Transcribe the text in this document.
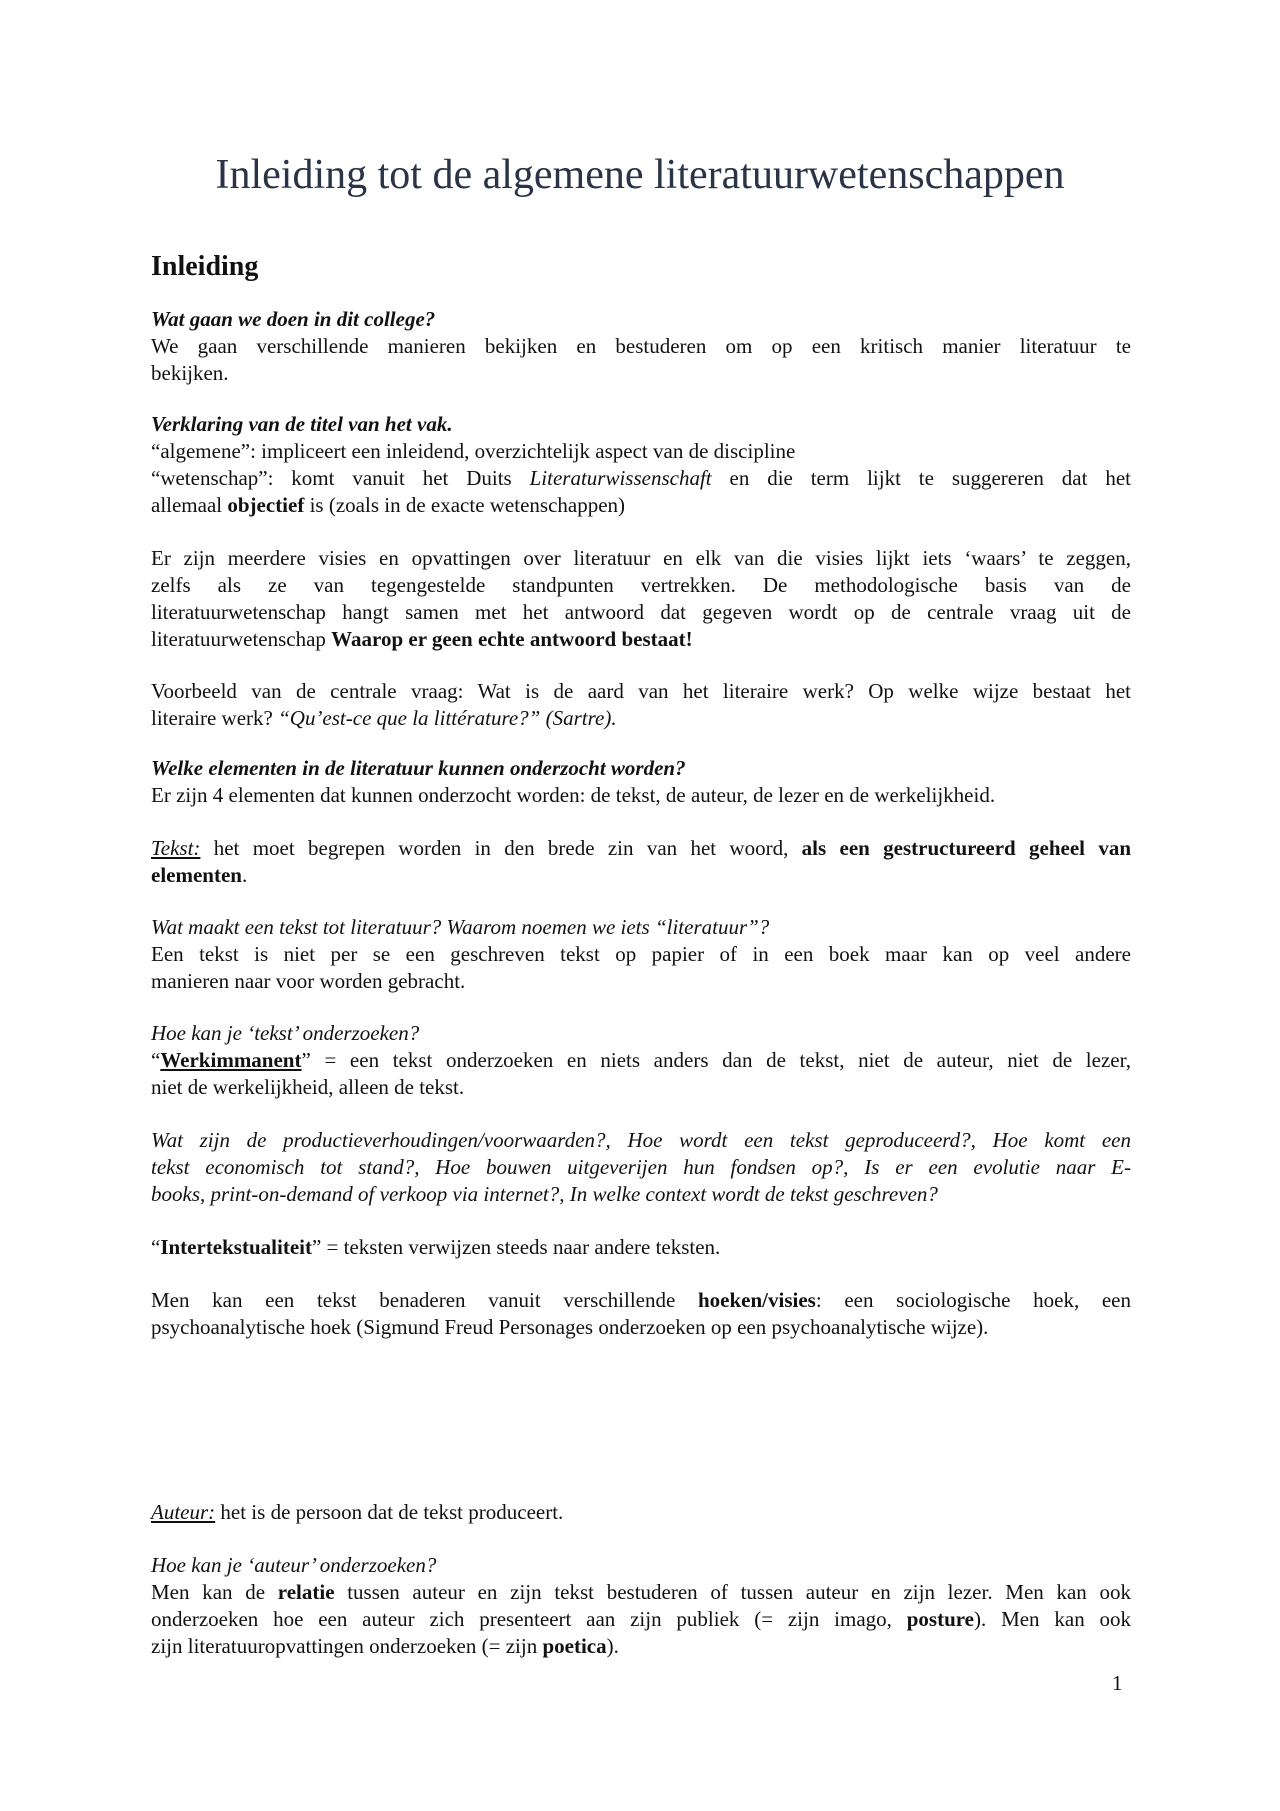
Inleiding tot de algemene literatuurwetenschappen
Inleiding

Wat gaan we doen in dit college?

We gaan verschillende manieren bekijken en bestuderen om op een kritisch manier literatuur te

bekijken.

Verklaring van de titel van het vak.

“algemene”: impliceert een inleidend, overzichtelijk aspect van de discipline

“wetenschap”: komt vanuit het Duits Literaturwissenschaft en die term lijkt te suggereren dat het

allemaal objectief is (zoals in de exacte wetenschappen)

Er zijn meerdere visies en opvattingen over literatuur en elk van die visies lijkt iets ‘waars’ te zeggen,

zelfs als ze van tegengestelde standpunten vertrekken. De methodologische basis van de

literatuurwetenschap hangt samen met het antwoord dat gegeven wordt op de centrale vraag uit de

literatuurwetenschap Waarop er geen echte antwoord bestaat!

Voorbeeld van de centrale vraag: Wat is de aard van het literaire werk? Op welke wijze bestaat het

literaire werk? “Qu’est-ce que la littérature?” (Sartre).

Welke elementen in de literatuur kunnen onderzocht worden?

Er zijn 4 elementen dat kunnen onderzocht worden: de tekst, de auteur, de lezer en de werkelijkheid.

Tekst: het moet begrepen worden in den brede zin van het woord, als een gestructureerd geheel van

elementen.

Wat maakt een tekst tot literatuur? Waarom noemen we iets “literatuur”?

Een tekst is niet per se een geschreven tekst op papier of in een boek maar kan op veel andere

manieren naar voor worden gebracht.

Hoe kan je ‘tekst’ onderzoeken?

“Werkimmanent” = een tekst onderzoeken en niets anders dan de tekst, niet de auteur, niet de lezer,

niet de werkelijkheid, alleen de tekst.

Wat zijn de productieverhoudingen/voorwaarden?, Hoe wordt een tekst geproduceerd?, Hoe komt een

tekst economisch tot stand?, Hoe bouwen uitgeverijen hun fondsen op?, Is er een evolutie naar E-

books, print-on-demand of verkoop via internet?, In welke context wordt de tekst geschreven?

“Intertekstualiteit” = teksten verwijzen steeds naar andere teksten.

Men kan een tekst benaderen vanuit verschillende hoeken/visies: een sociologische hoek, een

psychoanalytische hoek (Sigmund Freud Personages onderzoeken op een psychoanalytische wijze).

Auteur: het is de persoon dat de tekst produceert.

Hoe kan je ‘auteur’ onderzoeken?

Men kan de relatie tussen auteur en zijn tekst bestuderen of tussen auteur en zijn lezer. Men kan ook

onderzoeken hoe een auteur zich presenteert aan zijn publiek (= zijn imago, posture). Men kan ook

zijn literatuuropvattingen onderzoeken (= zijn poetica).

1
